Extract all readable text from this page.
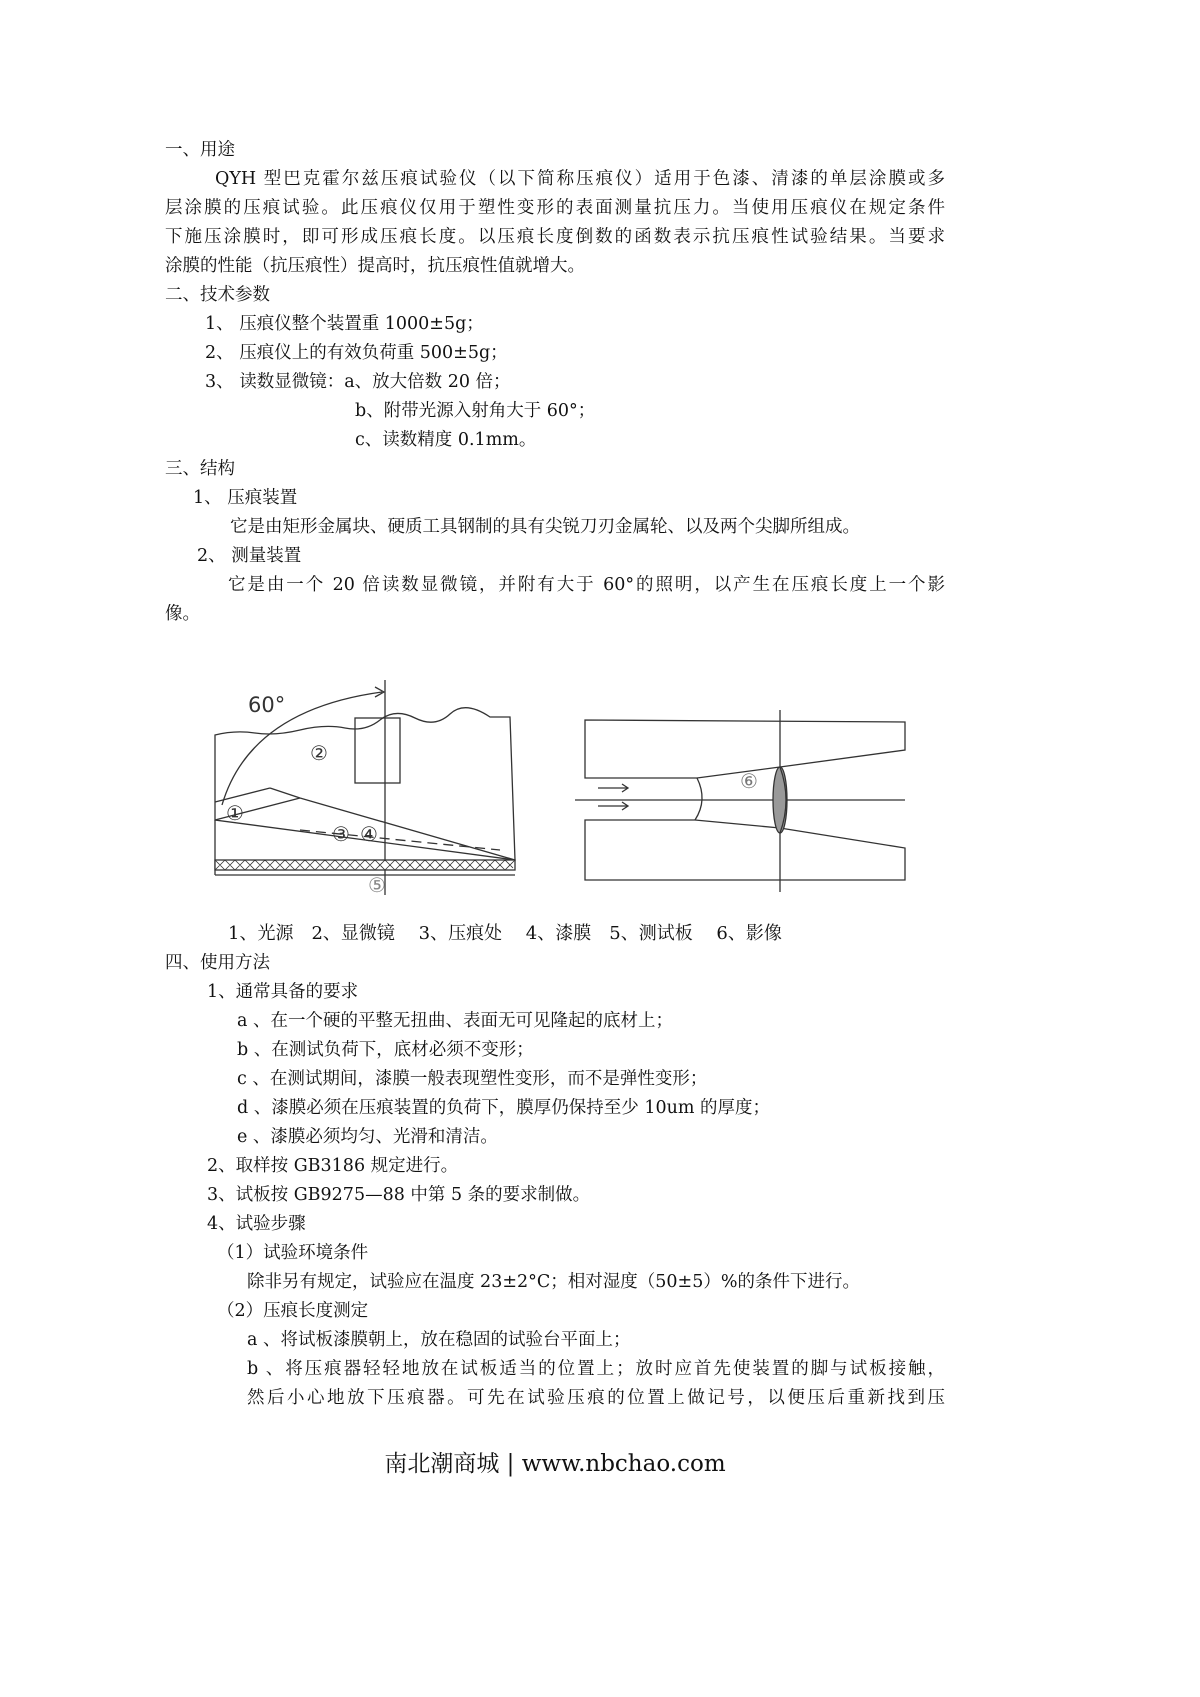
一、用途
QYH 型巴克霍尔兹压痕试验仪（以下简称压痕仪）适用于色漆、清漆的单层涂膜或多
层涂膜的压痕试验。此压痕仪仅用于塑性变形的表面测量抗压力。当使用压痕仪在规定条件
下施压涂膜时，即可形成压痕长度。以压痕长度倒数的函数表示抗压痕性试验结果。当要求
涂膜的性能（抗压痕性）提高时，抗压痕性值就增大。
二、技术参数
1、 压痕仪整个装置重 1000±5g；
2、 压痕仪上的有效负荷重 500±5g；
3、 读数显微镜：a、放大倍数 20 倍；
b、附带光源入射角大于 60°；
c、读数精度 0.1mm。
三、结构
1、 压痕装置
它是由矩形金属块、硬质工具钢制的具有尖锐刀刃金属轮、以及两个尖脚所组成。
2、 测量装置
它是由一个 20 倍读数显微镜，并附有大于 60°的照明，以产生在压痕长度上一个影
像。
60°
①
②
③ ④
⑤
⑥
1、光源　2、显微镜　 3、压痕处　 4、漆膜　5、测试板　 6、影像
四、使用方法
1、通常具备的要求
a 、在一个硬的平整无扭曲、表面无可见隆起的底材上；
b 、在测试负荷下，底材必须不变形；
c 、在测试期间，漆膜一般表现塑性变形，而不是弹性变形；
d 、漆膜必须在压痕装置的负荷下，膜厚仍保持至少 10um 的厚度；
e 、漆膜必须均匀、光滑和清洁。
2、取样按 GB3186 规定进行。
3、试板按 GB9275—88 中第 5 条的要求制做。
4、试验步骤
（1）试验环境条件
除非另有规定，试验应在温度 23±2°C；相对湿度（50±5）%的条件下进行。
（2）压痕长度测定
a 、将试板漆膜朝上，放在稳固的试验台平面上；
b 、将压痕器轻轻地放在试板适当的位置上；放时应首先使装置的脚与试板接触，
然后小心地放下压痕器。可先在试验压痕的位置上做记号，以便压后重新找到压
南北潮商城 | www.nbchao.com
